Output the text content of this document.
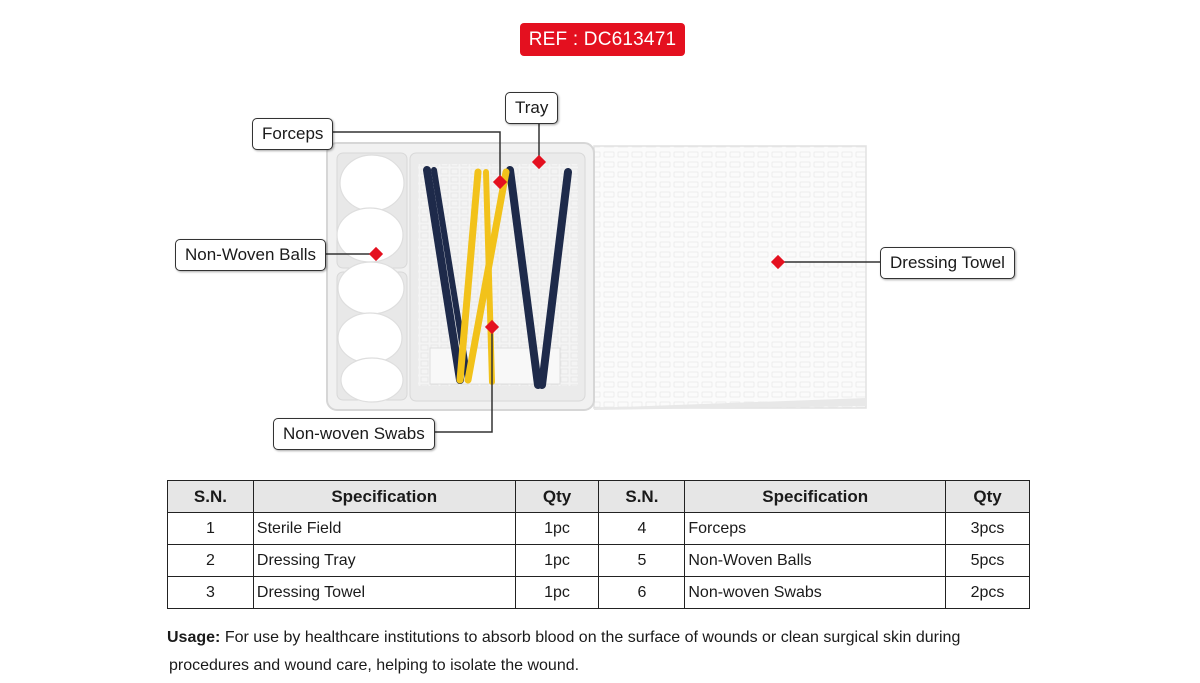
REF : DC613471
Tray
Forceps
Non-Woven Balls	Dressing Towel
Non-woven Swabs
S.N.	Specification	Qty	S.N.	Specification	Qty
1	Sterile Field	1pc	4	Forceps	3pcs
2	Dressing Tray	1pc	5	Non-Woven Balls	5pcs
3	Dressing Towel	1pc	6	Non-woven Swabs	2pcs
Usage: For use by healthcare institutions to absorb blood on the surface of wounds or clean surgical skin during
procedures and wound care, helping to isolate the wound.
